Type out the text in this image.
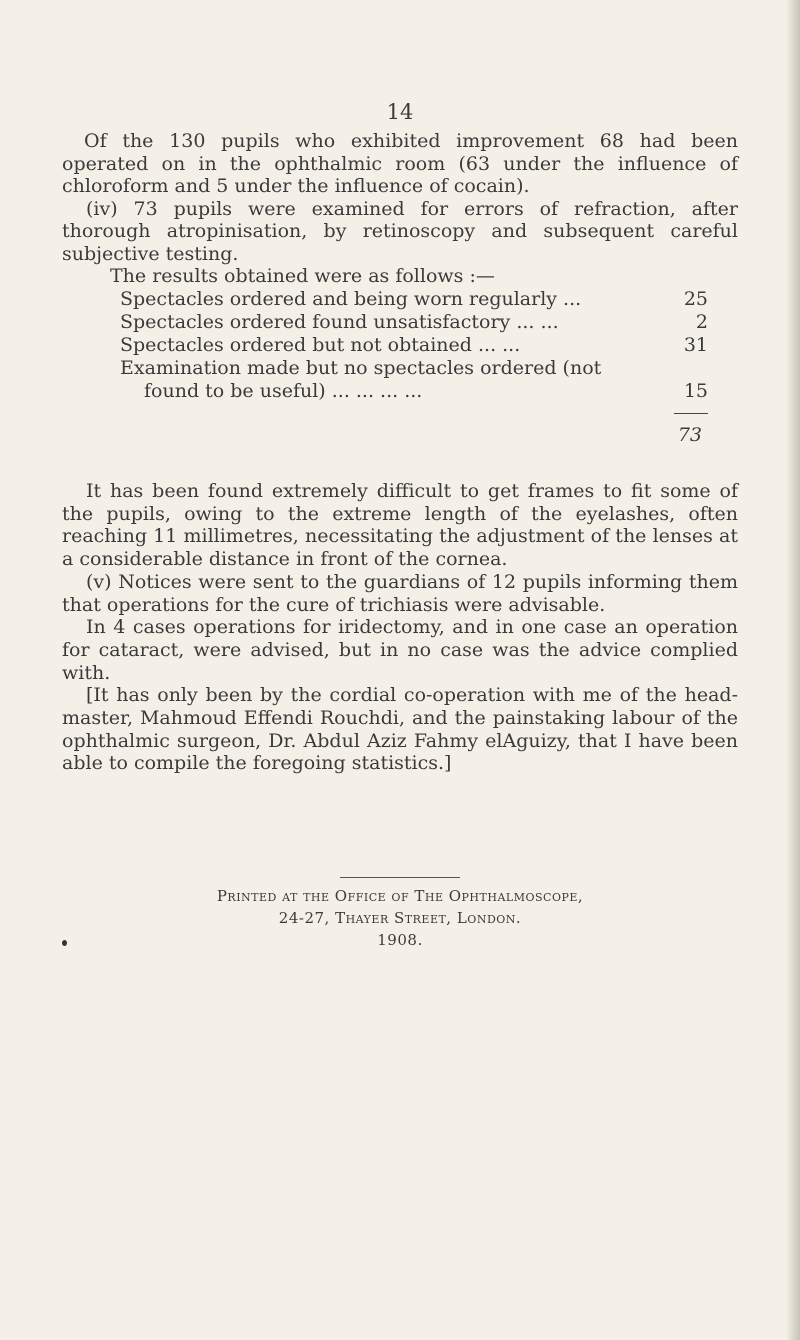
14

Of the 130 pupils who exhibited improvement 68 had been operated on in the ophthalmic room (63 under the influence of chloroform and 5 under the influence of cocain).

(iv) 73 pupils were examined for errors of refraction, after thorough atropinisation, by retinoscopy and subsequent careful subjective testing.

The results obtained were as follows :—

Spectacles ordered and being worn regularly ...	25
Spectacles ordered found unsatisfactory ... ...	2
Spectacles ordered but not obtained ... ...	31
Examination made but no spectacles ordered (not
found to be useful) ... ... ... ...	15
73

It has been found extremely difficult to get frames to fit some of the pupils, owing to the extreme length of the eyelashes, often reaching 11 millimetres, necessitating the adjustment of the lenses at a considerable distance in front of the cornea.

(v) Notices were sent to the guardians of 12 pupils informing them that operations for the cure of trichiasis were advisable.

In 4 cases operations for iridectomy, and in one case an operation for cataract, were advised, but in no case was the advice complied with.

[It has only been by the cordial co-operation with me of the head-master, Mahmoud Effendi Rouchdi, and the painstaking labour of the ophthalmic surgeon, Dr. Abdul Aziz Fahmy elAguizy, that I have been able to compile the foregoing statistics.]

Printed at the Office of The Ophthalmoscope,
24-27, Thayer Street, London.
1908.
